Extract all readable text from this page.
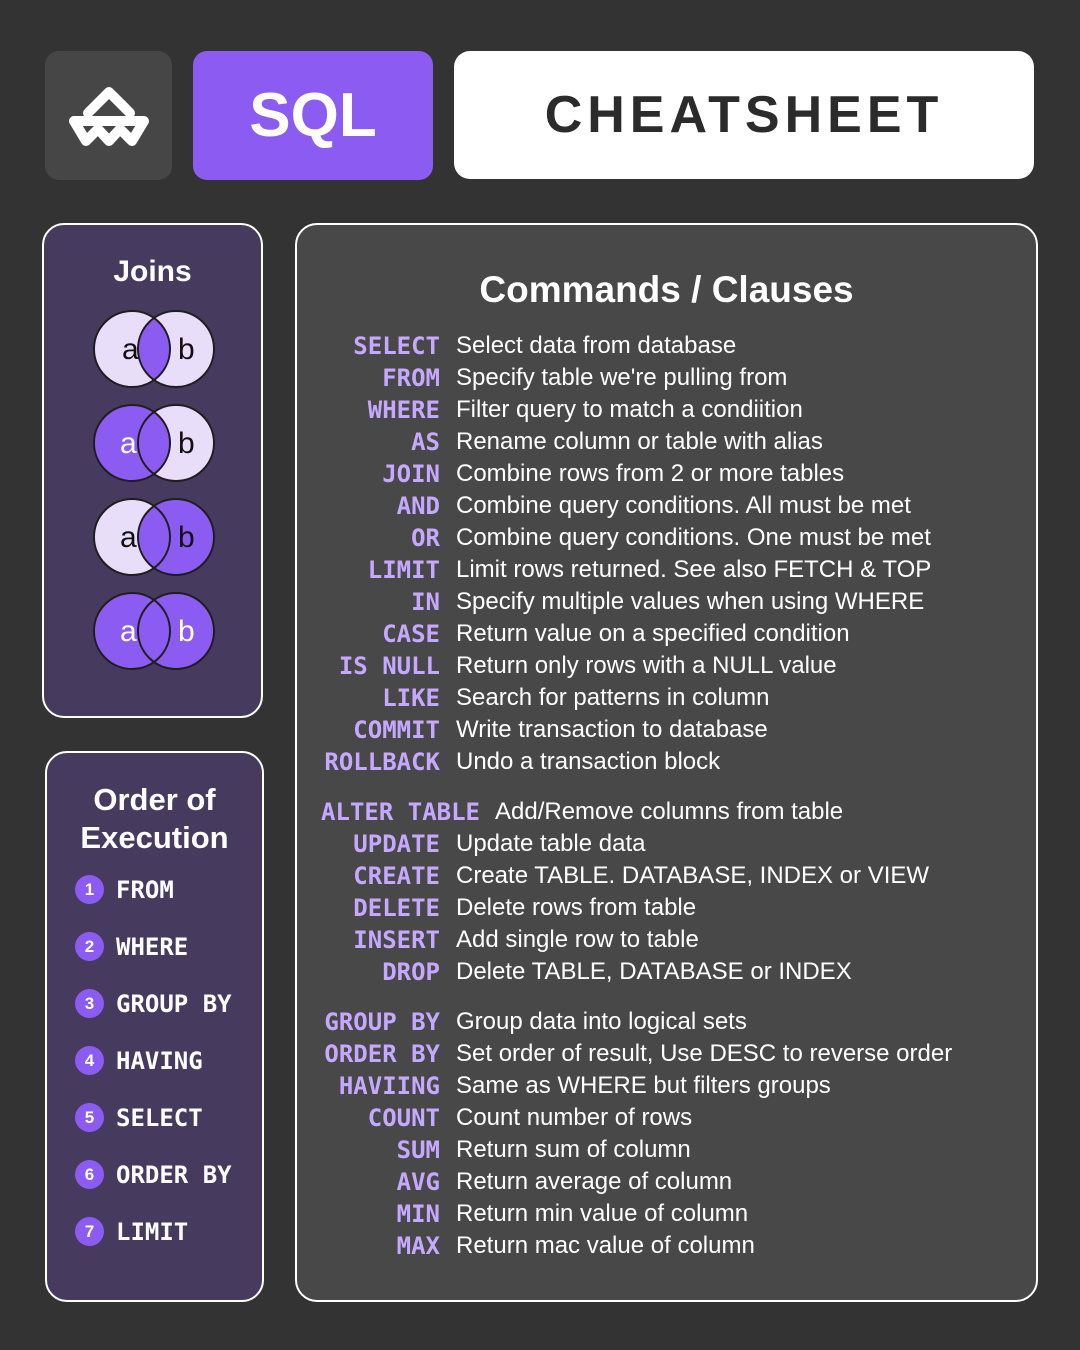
SQL	CHEATSHEET
Joins
a b
a b
a b
a b
Order of
Execution
1 FROM
2 WHERE
3 GROUP BY
4 HAVING
5 SELECT
6 ORDER BY
7 LIMIT
Commands / Clauses
SELECT Select data from database
FROM Specify table we're pulling from
WHERE Filter query to match a condiition
AS Rename column or table with alias
JOIN Combine rows from 2 or more tables
AND Combine query conditions. All must be met
OR Combine query conditions. One must be met
LIMIT Limit rows returned. See also FETCH & TOP
IN Specify multiple values when using WHERE
CASE Return value on a specified condition
IS NULL Return only rows with a NULL value
LIKE Search for patterns in column
COMMIT Write transaction to database
ROLLBACK Undo a transaction block
ALTER TABLE Add/Remove columns from table
UPDATE Update table data
CREATE Create TABLE. DATABASE, INDEX or VIEW
DELETE Delete rows from table
INSERT Add single row to table
DROP Delete TABLE, DATABASE or INDEX
GROUP BY Group data into logical sets
ORDER BY Set order of result, Use DESC to reverse order
HAVIING Same as WHERE but filters groups
COUNT Count number of rows
SUM Return sum of column
AVG Return average of column
MIN Return min value of column
MAX Return mac value of column
